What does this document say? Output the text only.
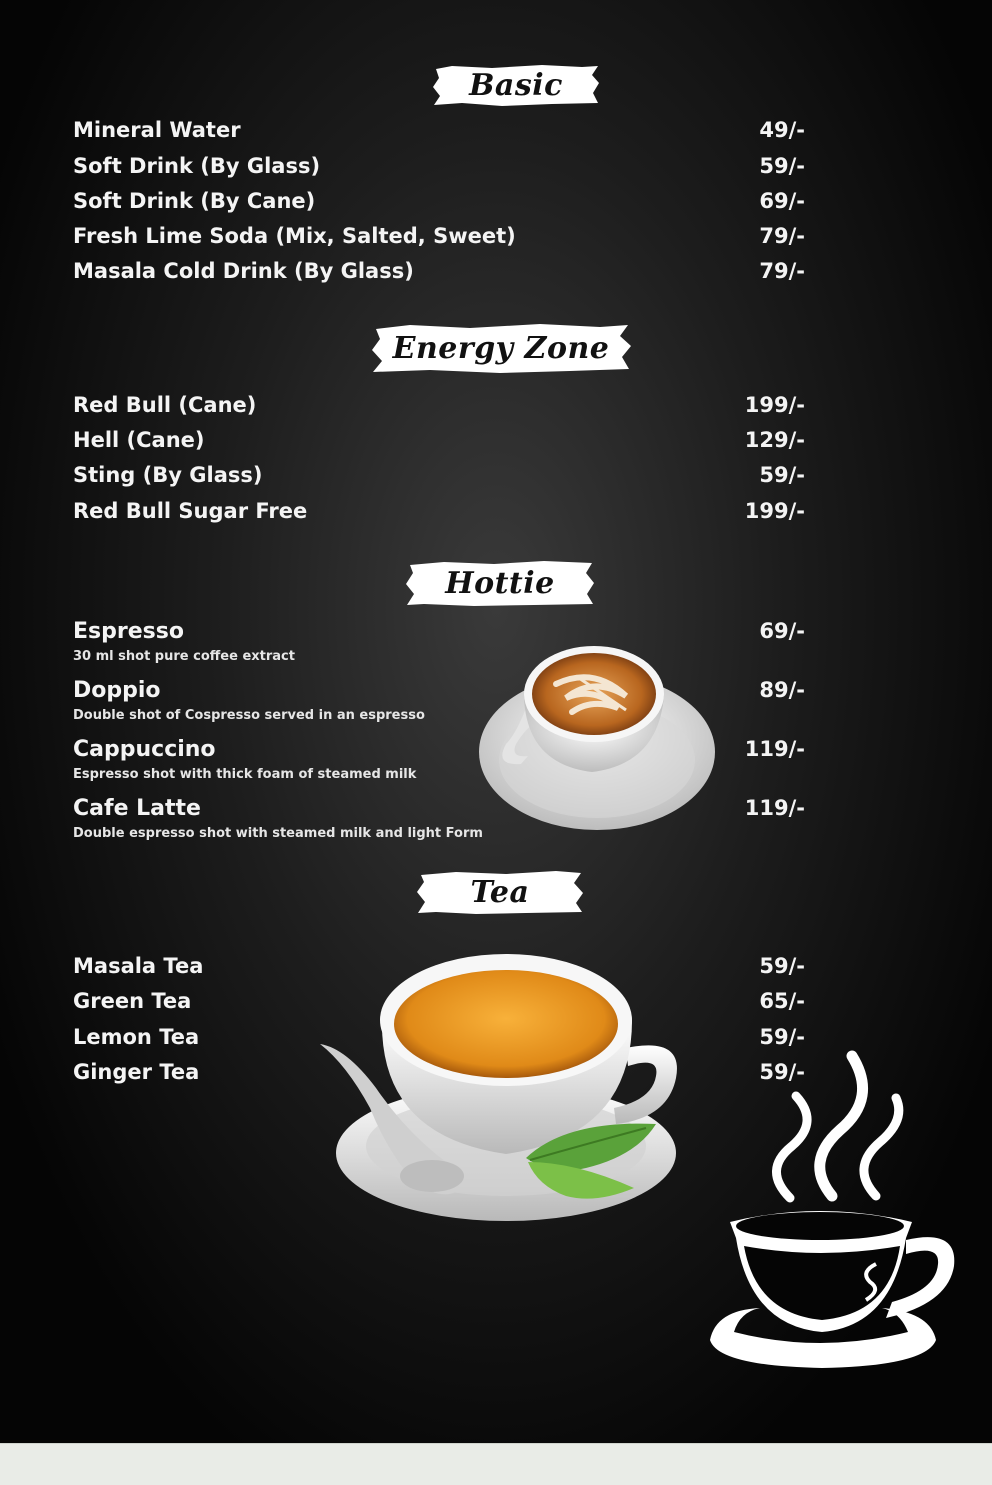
Basic
Mineral Water	49/-
Soft Drink (By Glass)	59/-
Soft Drink (By Cane)	69/-
Fresh Lime Soda (Mix, Salted, Sweet)	79/-
Masala Cold Drink (By Glass)	79/-
Energy Zone
Red Bull (Cane)	199/-
Hell (Cane)	129/-
Sting (By Glass)	59/-
Red Bull Sugar Free	199/-
Hottie
Espresso	69/-
30 ml shot pure coffee extract
Doppio	89/-
Double shot of Cospresso served in an espresso
Cappuccino	119/-
Espresso shot with thick foam of steamed milk
Cafe Latte	119/-
Double espresso shot with steamed milk and light Form
Tea
Masala Tea	59/-
Green Tea	65/-
Lemon Tea	59/-
Ginger Tea	59/-
